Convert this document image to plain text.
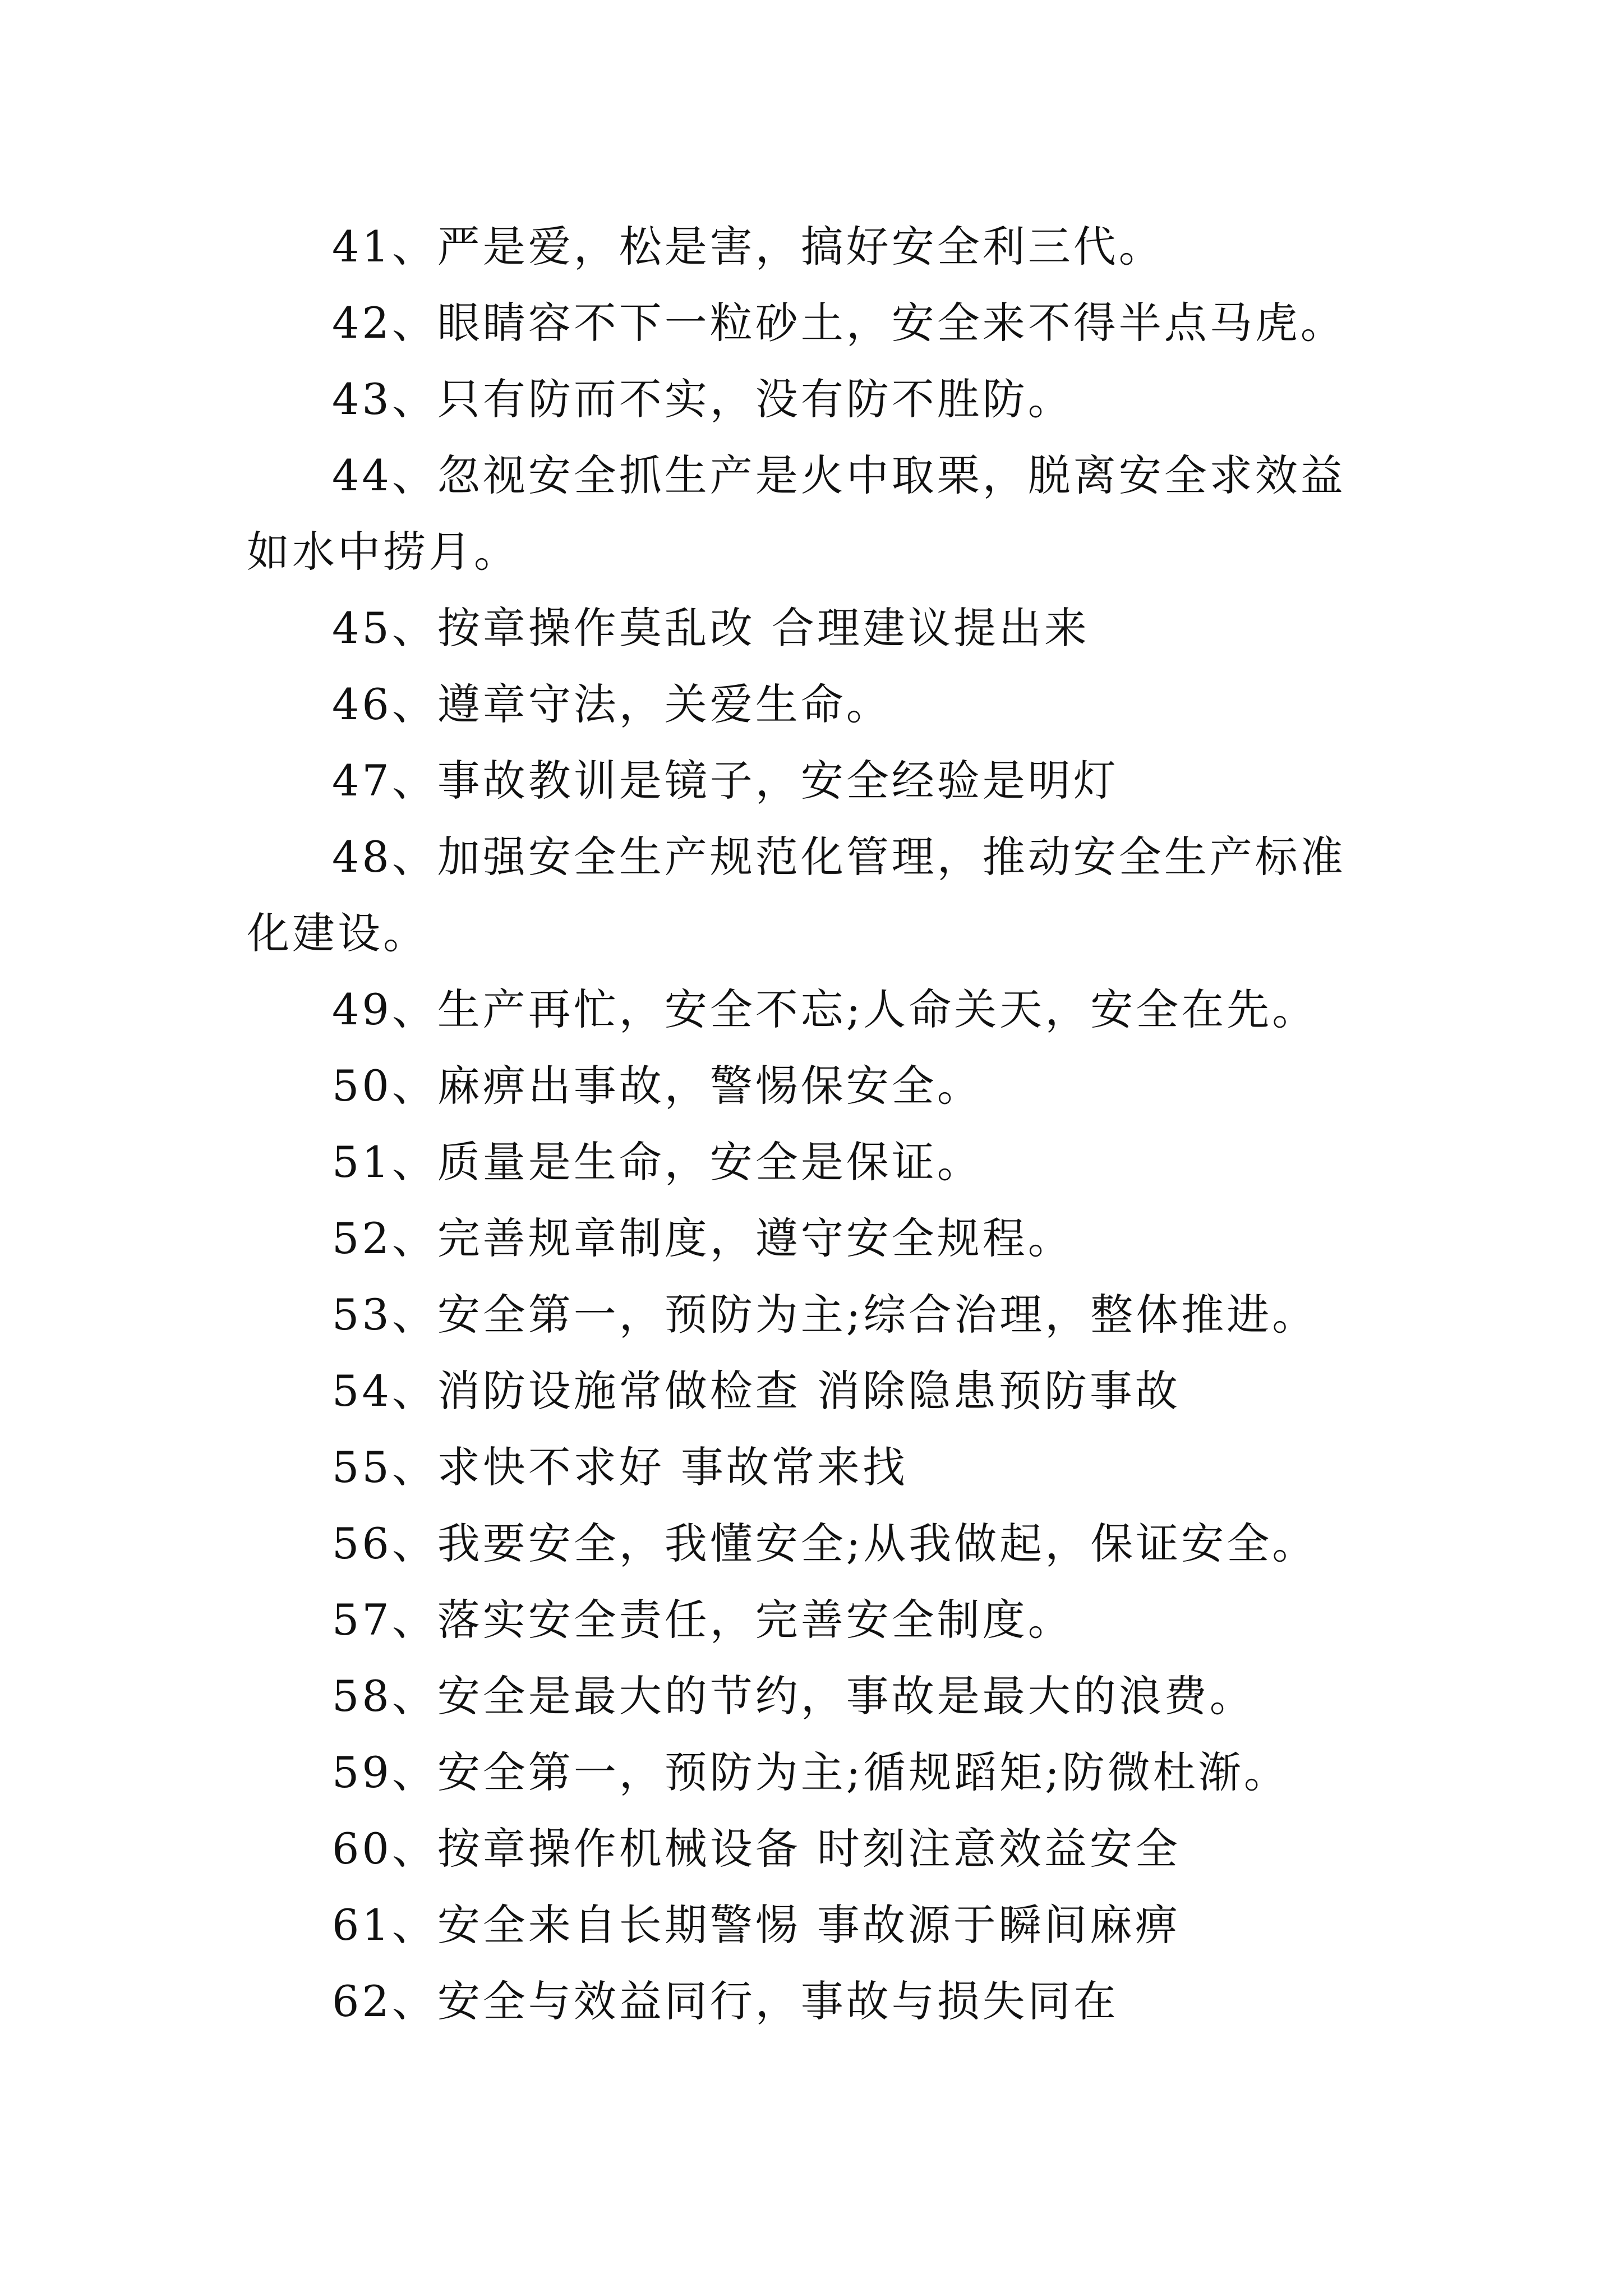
41、严是爱，松是害，搞好安全利三代。

42、眼睛容不下一粒砂土，安全来不得半点马虎。

43、只有防而不实，没有防不胜防。

44、忽视安全抓生产是火中取栗，脱离安全求效益如水中捞月。

45、按章操作莫乱改 合理建议提出来

46、遵章守法，关爱生命。

47、事故教训是镜子，安全经验是明灯

48、加强安全生产规范化管理，推动安全生产标准化建设。

49、生产再忙，安全不忘;人命关天，安全在先。

50、麻痹出事故，警惕保安全。

51、质量是生命，安全是保证。

52、完善规章制度，遵守安全规程。

53、安全第一，预防为主;综合治理，整体推进。

54、消防设施常做检查 消除隐患预防事故

55、求快不求好 事故常来找

56、我要安全，我懂安全;从我做起，保证安全。

57、落实安全责任，完善安全制度。

58、安全是最大的节约，事故是最大的浪费。

59、安全第一，预防为主;循规蹈矩;防微杜渐。

60、按章操作机械设备 时刻注意效益安全

61、安全来自长期警惕 事故源于瞬间麻痹

62、安全与效益同行，事故与损失同在
